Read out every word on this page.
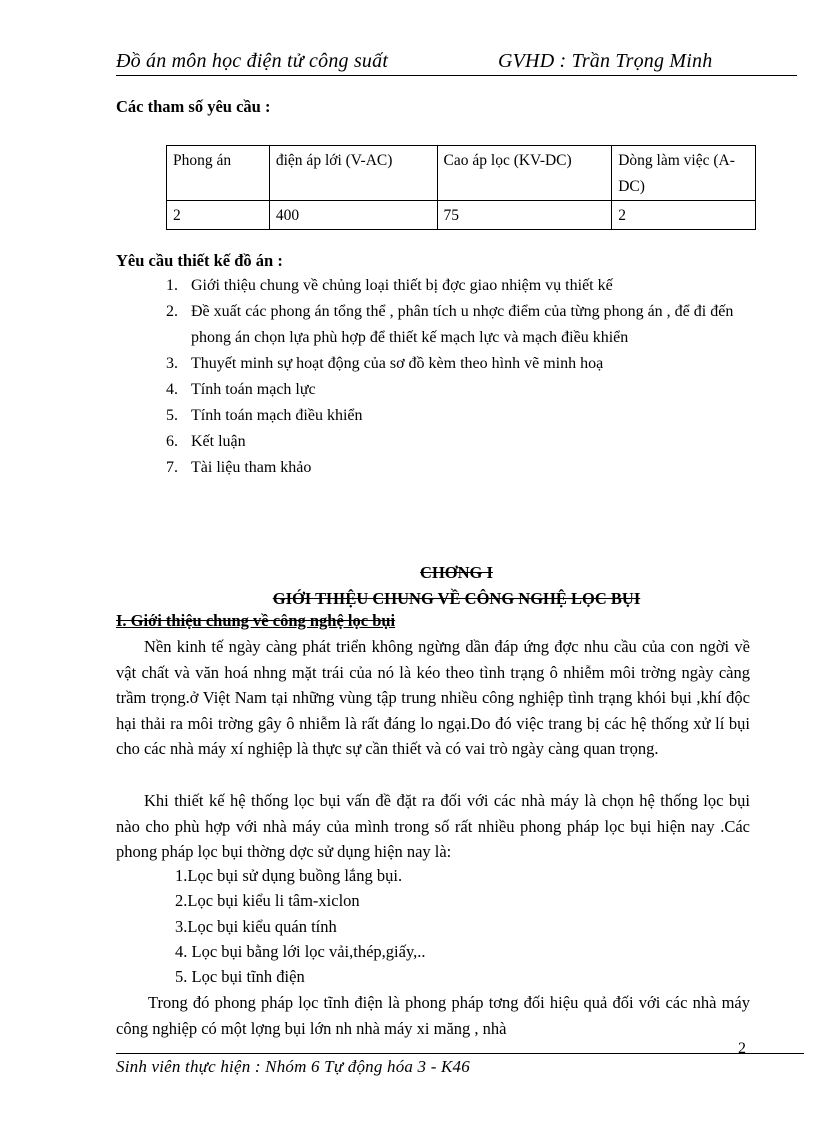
Đồ án môn học điện tử công suất	GVHD : Trần Trọng Minh
Các tham số yêu cầu :
Phong án	điện áp lới (V-AC)	Cao áp lọc (KV-DC)	Dòng làm việc (A-DC)
2	400	75	2
Yêu cầu thiết kế đồ án :
1. Giới thiệu chung về chủng loại thiết bị đợc giao nhiệm vụ thiết kế
2. Đề xuất các phong án tổng thể , phân tích u nhợc điểm của từng phong án , để đi đến phong án chọn lựa phù hợp để thiết kế mạch lực và mạch điều khiển
3. Thuyết minh sự hoạt động của sơ đồ kèm theo hình vẽ minh hoạ
4. Tính toán mạch lực
5. Tính toán mạch điều khiển
6. Kết luận
7. Tài liệu tham khảo
CHƠNG I
GIỚI THIỆU CHUNG VỀ CÔNG NGHỆ LỌC BỤI
I. Giới thiệu chung về công nghệ lọc bụi

Nền kinh tế ngày càng phát triển không ngừng dần đáp ứng đợc nhu cầu của con ngời về vật chất và văn hoá nhng mặt trái của nó là kéo theo tình trạng ô nhiễm môi trờng ngày càng trầm trọng.ở Việt Nam tại những vùng tập trung nhiều công nghiệp tình trạng khói bụi ,khí độc hại thải ra môi trờng gây ô nhiễm là rất đáng lo ngại.Do đó việc trang bị các hệ thống xử lí bụi cho các nhà máy xí nghiệp là thực sự cần thiết và có vai trò ngày càng quan trọng.

Khi thiết kế hệ thống lọc bụi vấn đề đặt ra đối với các nhà máy là chọn hệ thống lọc bụi nào cho phù hợp với nhà máy của mình trong số rất nhiều phong pháp lọc bụi hiện nay .Các phong pháp lọc bụi thờng dợc sử dụng hiện nay là:

1.Lọc bụi sử dụng buồng lắng bụi.
2.Lọc bụi kiểu li tâm-xiclon
3.Lọc bụi kiểu quán tính
4. Lọc bụi bằng lới lọc vải,thép,giấy,..
5. Lọc bụi tĩnh điện

Trong đó phong pháp lọc tĩnh điện là phong pháp tơng đối hiệu quả đối với các nhà máy công nghiệp có một lợng bụi lớn nh nhà máy xi măng , nhà

2
Sinh viên thực hiện : Nhóm 6 Tự động hóa 3 - K46
